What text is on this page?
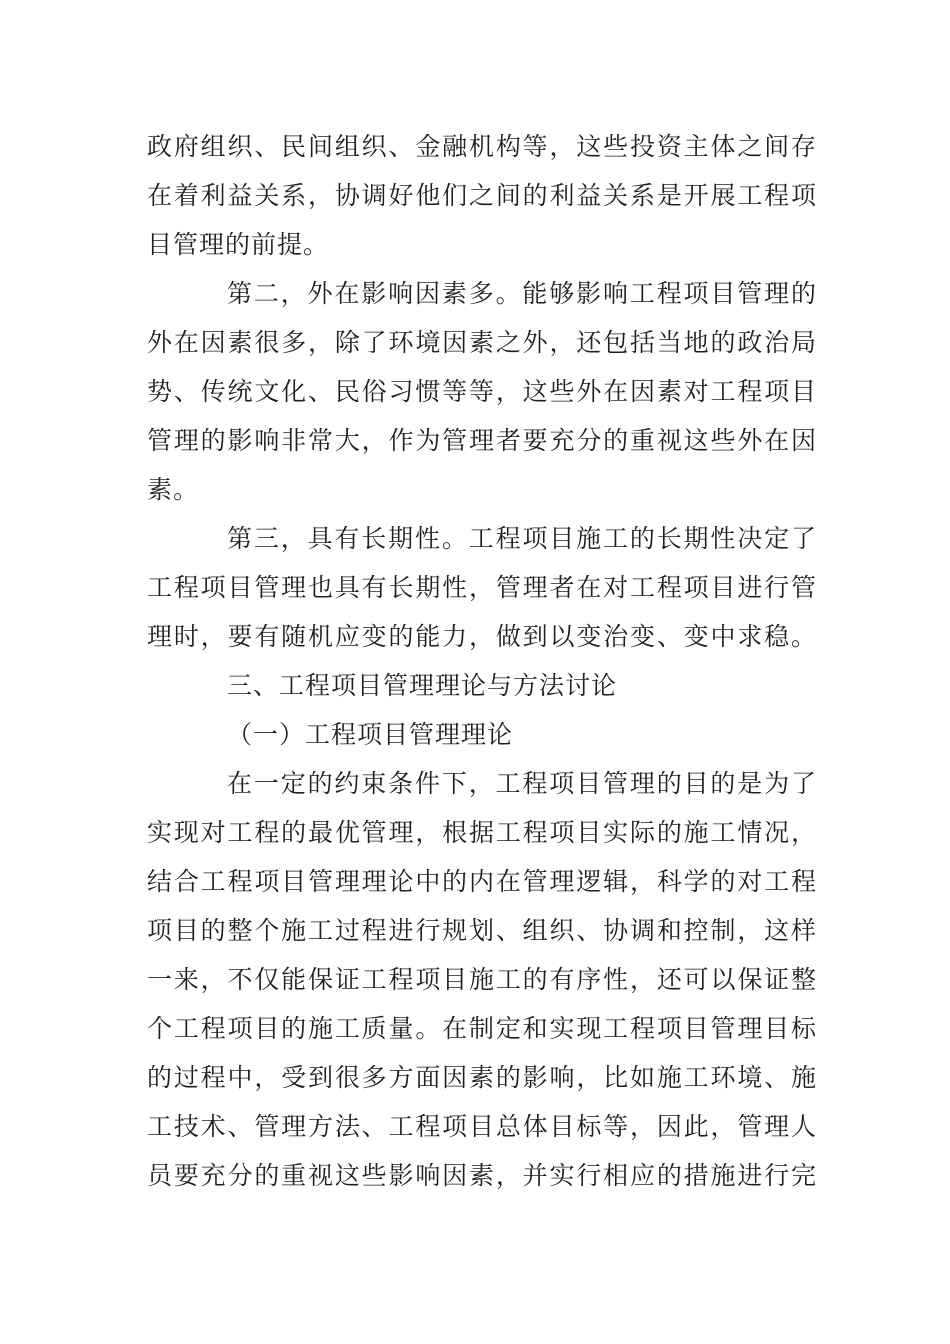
政府组织、民间组织、金融机构等，这些投资主体之间存
在着利益关系，协调好他们之间的利益关系是开展工程项
目管理的前提。
第二，外在影响因素多。能够影响工程项目管理的
外在因素很多，除了环境因素之外，还包括当地的政治局
势、传统文化、民俗习惯等等，这些外在因素对工程项目
管理的影响非常大，作为管理者要充分的重视这些外在因
素。
第三，具有长期性。工程项目施工的长期性决定了
工程项目管理也具有长期性，管理者在对工程项目进行管
理时，要有随机应变的能力，做到以变治变、变中求稳。
三、工程项目管理理论与方法讨论
（一）工程项目管理理论
在一定的约束条件下，工程项目管理的目的是为了
实现对工程的最优管理，根据工程项目实际的施工情况，
结合工程项目管理理论中的内在管理逻辑，科学的对工程
项目的整个施工过程进行规划、组织、协调和控制，这样
一来，不仅能保证工程项目施工的有序性，还可以保证整
个工程项目的施工质量。在制定和实现工程项目管理目标
的过程中，受到很多方面因素的影响，比如施工环境、施
工技术、管理方法、工程项目总体目标等，因此，管理人
员要充分的重视这些影响因素，并实行相应的措施进行完
